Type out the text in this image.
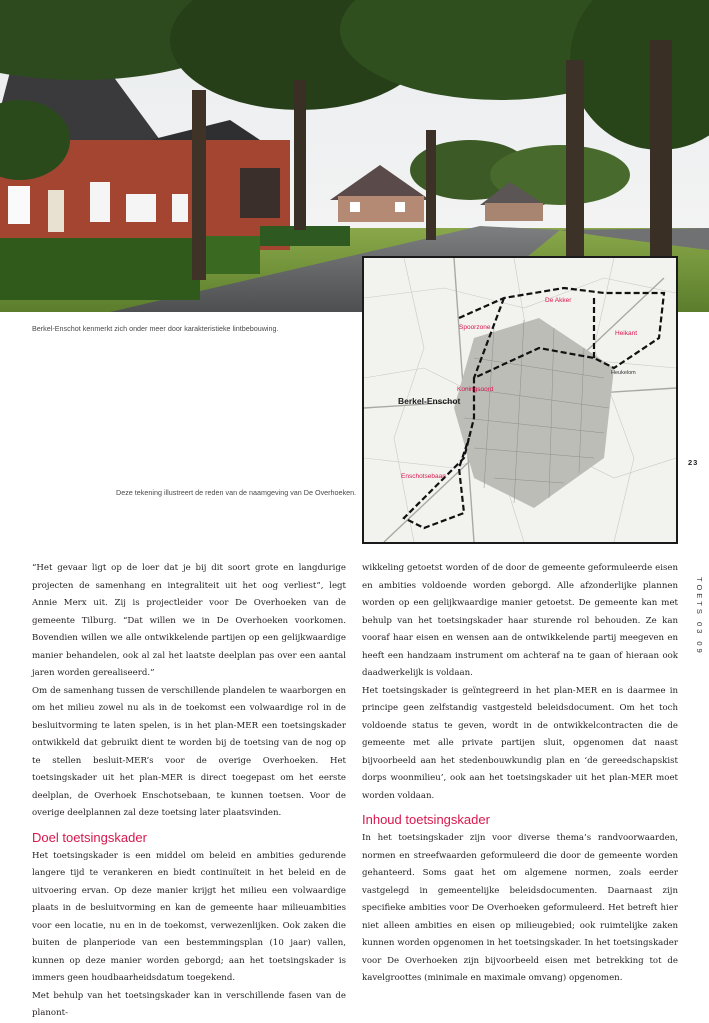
Berkel-Enschot kenmerkt zich onder meer door karakteristieke lintbebouwing.
De Akker
Heikant
Spoorzone
Koningsoord
Enschotsebaan
Berkel-Enschot
Heukelom
Deze tekening illustreert de reden van de naamgeving van De Overhoeken.
23
TOETS 03 09

“Het gevaar ligt op de loer dat je bij dit soort grote en langdurige projecten de samenhang en integraliteit uit het oog verliest”, legt Annie Merx uit. Zij is projectleider voor De Overhoeken van de gemeente Tilburg. “Dat willen we in De Overhoeken voorkomen. Bovendien willen we alle ontwikkelende partijen op een gelijkwaardige manier behandelen, ook al zal het laatste deelplan pas over een aantal jaren worden gerealiseerd.”

Om de samenhang tussen de verschillende plandelen te waarborgen en om het milieu zowel nu als in de toekomst een volwaardige rol in de besluitvorming te laten spelen, is in het plan-MER een toetsingskader ontwikkeld dat gebruikt dient te worden bij de toetsing van de nog op te stellen besluit-MER’s voor de overige Overhoeken. Het toetsingskader uit het plan-MER is direct toegepast om het eerste deelplan, de Overhoek Enschotsebaan, te kunnen toetsen. Voor de overige deelplannen zal deze toetsing later plaatsvinden.

Doel toetsingskader

Het toetsingskader is een middel om beleid en ambities gedurende langere tijd te verankeren en biedt continuïteit in het beleid en de uitvoering ervan. Op deze manier krijgt het milieu een volwaardige plaats in de besluitvorming en kan de gemeente haar milieuambities voor een locatie, nu en in de toekomst, verwezenlijken. Ook zaken die buiten de planperiode van een bestemmingsplan (10 jaar) vallen, kunnen op deze manier worden geborgd; aan het toetsingskader is immers geen houdbaarheidsdatum toegekend.

Met behulp van het toetsingskader kan in verschillende fasen van de planont-

wikkeling getoetst worden of de door de gemeente geformuleerde eisen en ambities voldoende worden geborgd. Alle afzonderlijke plannen worden op een gelijkwaardige manier getoetst. De gemeente kan met behulp van het toetsingskader haar sturende rol behouden. Ze kan vooraf haar eisen en wensen aan de ontwikkelende partij meegeven en heeft een handzaam instrument om achteraf na te gaan of hieraan ook daadwerkelijk is voldaan.

Het toetsingskader is geïntegreerd in het plan-MER en is daarmee in principe geen zelfstandig vastgesteld beleidsdocument. Om het toch voldoende status te geven, wordt in de ontwikkelcontracten die de gemeente met alle private partijen sluit, opgenomen dat naast bijvoorbeeld aan het stedenbouwkundig plan en ‘de gereedschapskist dorps woonmilieu’, ook aan het toetsingskader uit het plan-MER moet worden voldaan.

Inhoud toetsingskader

In het toetsingskader zijn voor diverse thema’s randvoorwaarden, normen en streefwaarden geformuleerd die door de gemeente worden gehanteerd. Soms gaat het om algemene normen, zoals eerder vastgelegd in gemeentelijke beleidsdocumenten. Daarnaast zijn specifieke ambities voor De Overhoeken geformuleerd. Het betreft hier niet alleen ambities en eisen op milieugebied; ook ruimtelijke zaken kunnen worden opgenomen in het toetsingskader. In het toetsingskader voor De Overhoeken zijn bijvoorbeeld eisen met betrekking tot de kavelgroottes (minimale en maximale omvang) opgenomen.
